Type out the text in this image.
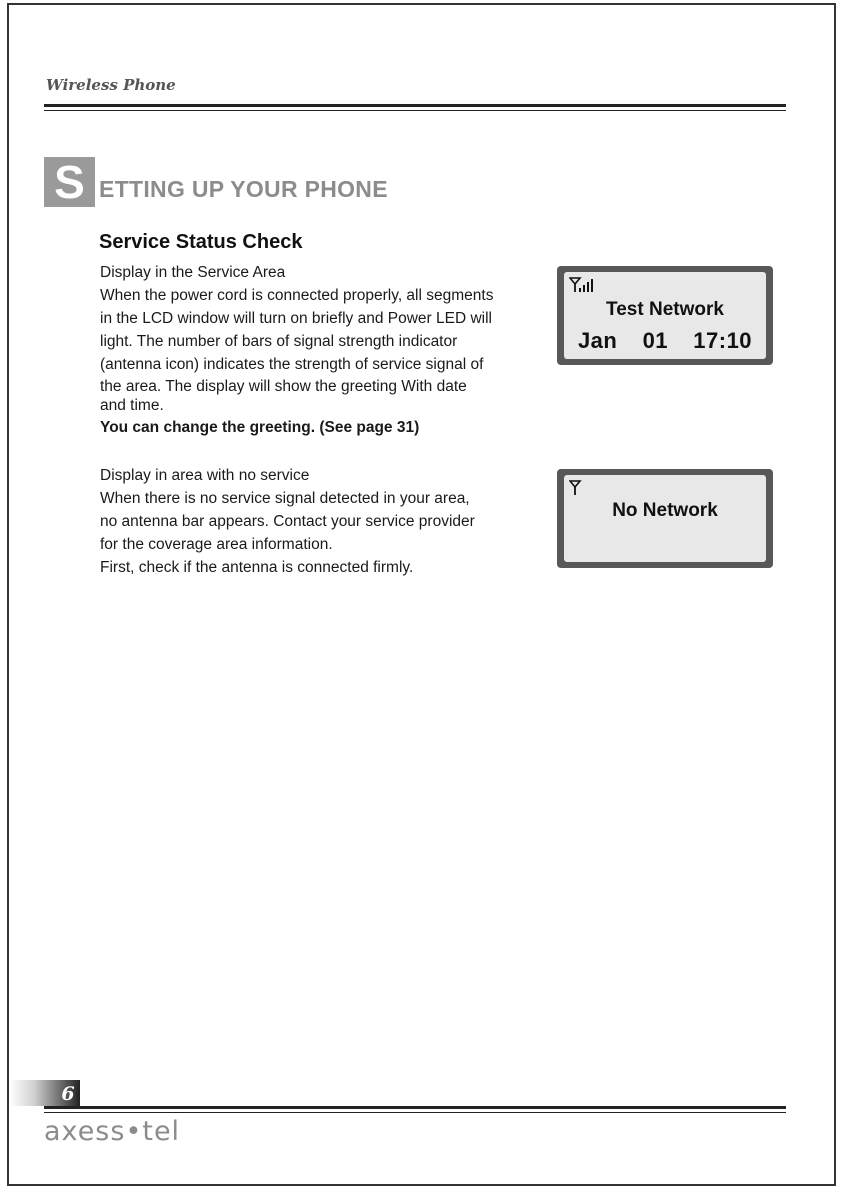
Wireless Phone
S ETTING UP YOUR PHONE
Service Status Check

Display in the Service Area

When the power cord is connected properly, all segments

in the LCD window will turn on briefly and Power LED will

light. The number of bars of signal strength indicator

(antenna icon) indicates the strength of service signal of

the area. The display will show the greeting With date

and time.

You can change the greeting. (See page 31)

Display in area with no service

When there is no service signal detected in your area,

no antenna bar appears. Contact your service provider

for the coverage area information.

First, check if the antenna is connected firmly.

Test Network
Jan  01  17:10
No Network
6
axess•tel
